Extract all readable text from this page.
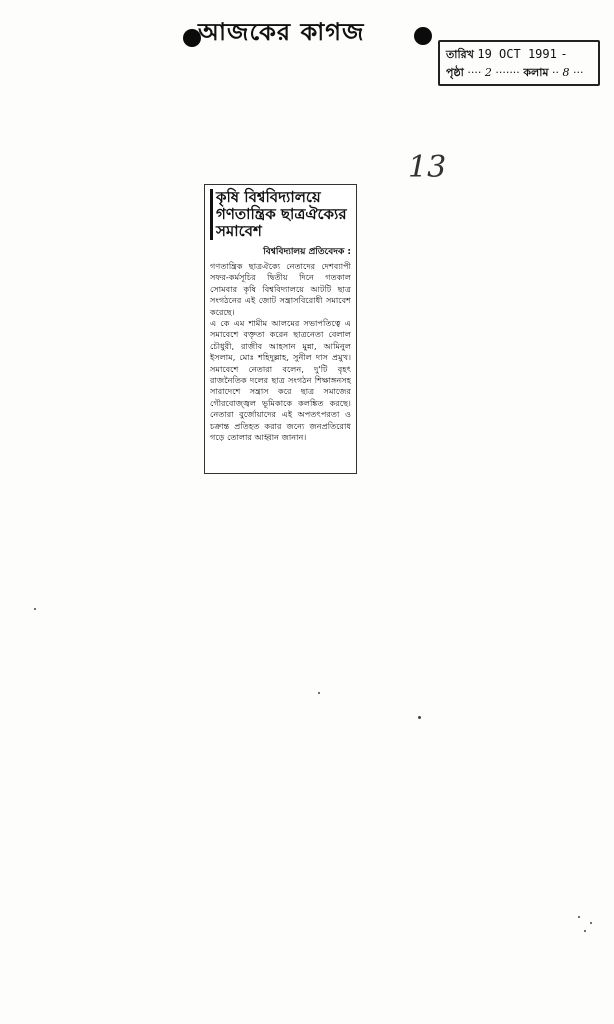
আজকের কাগজ
তারিখ 19 OCT 1991 -
পৃষ্ঠা ···· 2 ······· কলাম ·· 8 ···
13
কৃষি বিশ্ববিদ্যালয়ে
গণতান্ত্রিক ছাত্রঐক্যের
সমাবেশ
বিশ্ববিদ্যালয় প্রতিবেদক :

গণতান্ত্রিক ছাত্রঐক্যে নেতাদের দেশব্যাপী সফর-কর্মসূচির দ্বিতীয় দিনে গতকাল সোমবার কৃষি বিশ্ববিদ্যালয়ে আটটি ছাত্র সংগঠনের এই জোট সন্ত্রাসবিরোধী সমাবেশ করেছে।

এ কে এম শামীম আলমের সভাপতিত্বে এ সমাবেশে বক্তৃতা করেন ছাত্রনেতা বেলাল চৌধুরী, রাজীব আহসান মুন্না, আমিনুল ইসলাম, মোঃ শহিদুল্লাহ, সুনীল দাস প্রমুখ। সমাবেশে নেতারা বলেন, দু'টি বৃহৎ রাজনৈতিক দলের ছাত্র সংগঠন শিক্ষাঙ্গনসহ সারাদেশে সন্ত্রাস করে ছাত্র সমাজের গৌরবোজ্জ্বল ভূমিকাকে কলঙ্কিত করছে। নেতারা বুর্জোয়াদের এই অপতৎপরতা ও চক্রান্ত প্রতিহত করার জন্যে জনপ্রতিরোধ গড়ে তোলার আহ্বান জানান।
